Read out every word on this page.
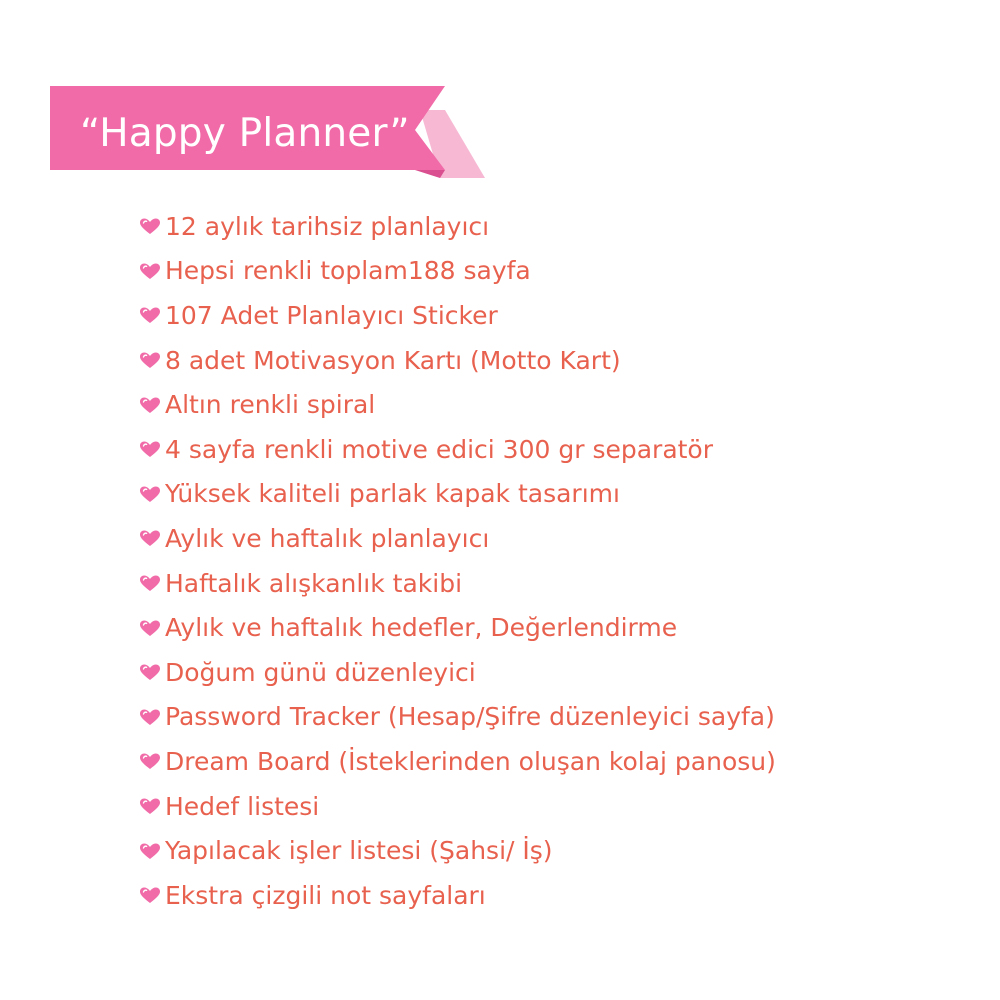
“Happy Planner”
12 aylık tarihsiz planlayıcı
Hepsi renkli toplam188 sayfa
107 Adet Planlayıcı Sticker
8 adet Motivasyon Kartı (Motto Kart)
Altın renkli spiral
4 sayfa renkli motive edici 300 gr separatör
Yüksek kaliteli parlak kapak tasarımı
Aylık ve haftalık planlayıcı
Haftalık alışkanlık takibi
Aylık ve haftalık hedefler, Değerlendirme
Doğum günü düzenleyici
Password Tracker (Hesap/Şifre düzenleyici sayfa)
Dream Board (İsteklerinden oluşan kolaj panosu)
Hedef listesi
Yapılacak işler listesi (Şahsi/ İş)
Ekstra çizgili not sayfaları
